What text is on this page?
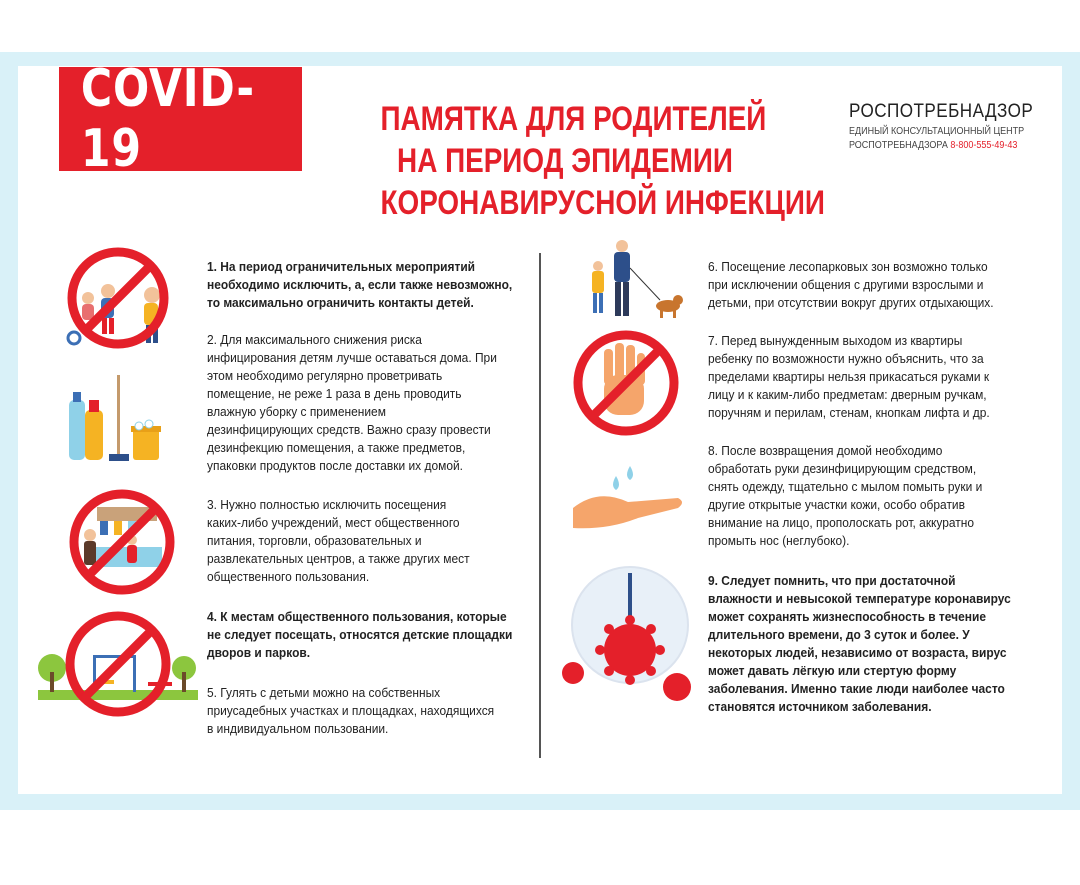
COVID-19	ПАМЯТКА ДЛЯ РОДИТЕЛЕЙ
НА ПЕРИОД ЭПИДЕМИИ
КОРОНАВИРУСНОЙ ИНФЕКЦИИ
РОСПОТРЕБНАДЗОР
ЕДИНЫЙ КОНСУЛЬТАЦИОННЫЙ ЦЕНТР
РОСПОТРЕБНАДЗОРА 8-800-555-49-43
1. На период ограничительных мероприятий
необходимо исключить, а, если также невозможно,
то максимально ограничить контакты детей.
2. Для максимального снижения риска
инфицирования детям лучше оставаться дома. При
этом необходимо регулярно проветривать
помещение, не реже 1 раза в день проводить
влажную уборку с применением
дезинфицирующих средств. Важно сразу провести
дезинфекцию помещения, а также предметов,
упаковки продуктов после доставки их домой.
3. Нужно полностью исключить посещения
каких-либо учреждений, мест общественного
питания, торговли, образовательных и
развлекательных центров, а также других мест
общественного пользования.
4. К местам общественного пользования, которые
не следует посещать, относятся детские площадки
дворов и парков.
5. Гулять с детьми можно на собственных
приусадебных участках и площадках, находящихся
в индивидуальном пользовании.
6. Посещение лесопарковых зон возможно только
при исключении общения с другими взрослыми и
детьми, при отсутствии вокруг других отдыхающих.
7. Перед вынужденным выходом из квартиры
ребенку по возможности нужно объяснить, что за
пределами квартиры нельзя прикасаться руками к
лицу и к каким-либо предметам: дверным ручкам,
поручням и перилам, стенам, кнопкам лифта и др.
8. После возвращения домой необходимо
обработать руки дезинфицирующим средством,
снять одежду, тщательно с мылом помыть руки и
другие открытые участки кожи, особо обратив
внимание на лицо, прополоскать рот, аккуратно
промыть нос (неглубоко).
9. Следует помнить, что при достаточной
влажности и невысокой температуре коронавирус
может сохранять жизнеспособность в течение
длительного времени, до 3 суток и более. У
некоторых людей, независимо от возраста, вирус
может давать лёгкую или стертую форму
заболевания. Именно такие люди наиболее часто
становятся источником заболевания.
